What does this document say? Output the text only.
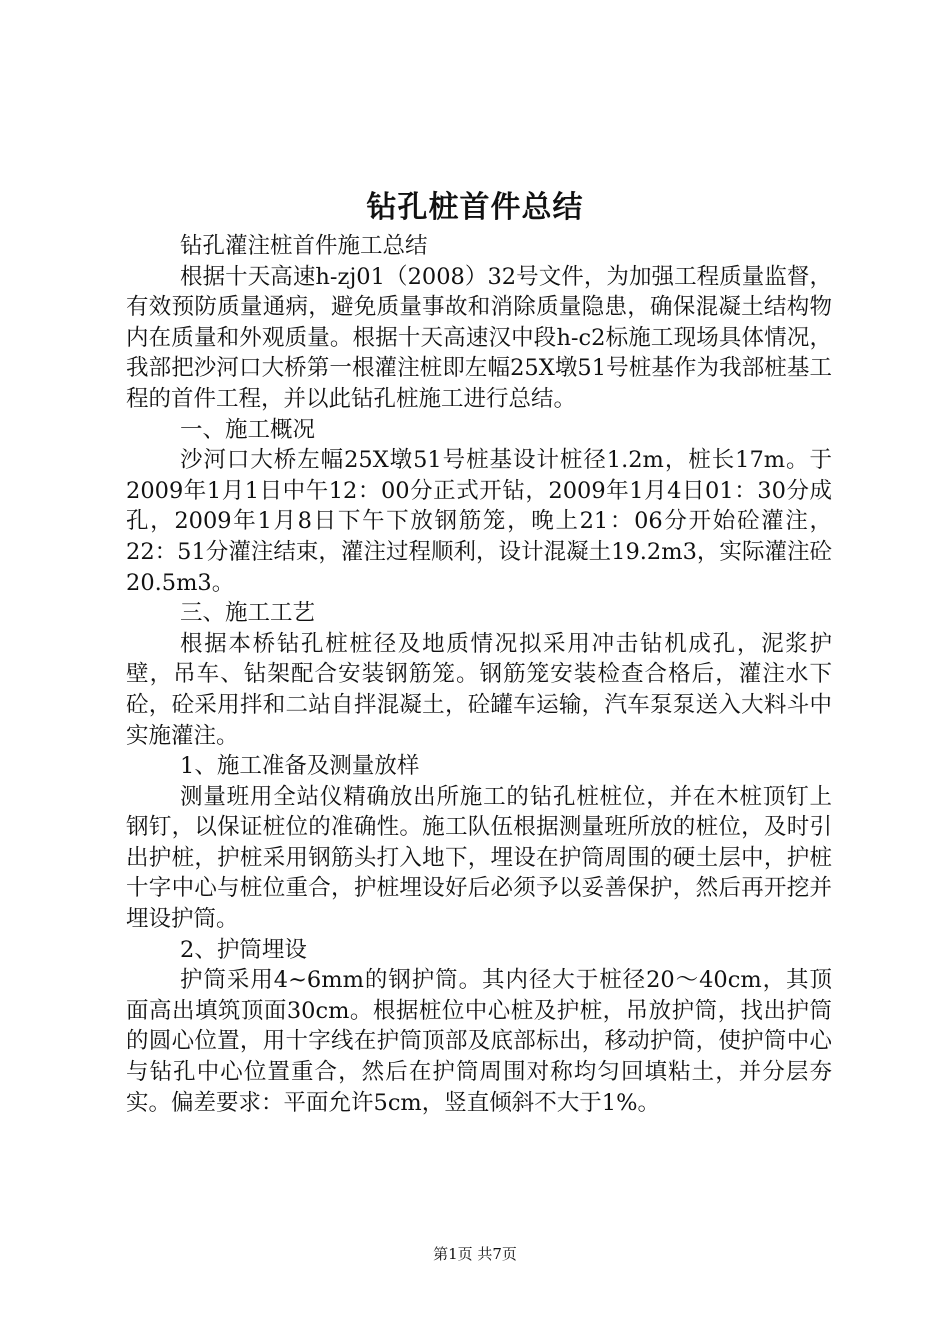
钻孔桩首件总结

钻孔灌注桩首件施工总结

根据十天高速h-zj01（2008）32号文件，为加强工程质量监督，有效预防质量通病，避免质量事故和消除质量隐患，确保混凝土结构物内在质量和外观质量。根据十天高速汉中段h-c2标施工现场具体情况，我部把沙河口大桥第一根灌注桩即左幅25X墩51号桩基作为我部桩基工程的首件工程，并以此钻孔桩施工进行总结。

一、施工概况

沙河口大桥左幅25X墩51号桩基设计桩径1.2m，桩长17m。于2009年1月1日中午12：00分正式开钻，2009年1月4日01：30分成孔，2009年1月8日下午下放钢筋笼，晚上21：06分开始砼灌注，22：51分灌注结束，灌注过程顺利，设计混凝土19.2m3，实际灌注砼20.5m3。

三、施工工艺

根据本桥钻孔桩桩径及地质情况拟采用冲击钻机成孔，泥浆护壁，吊车、钻架配合安装钢筋笼。钢筋笼安装检查合格后，灌注水下砼，砼采用拌和二站自拌混凝土，砼罐车运输，汽车泵泵送入大料斗中实施灌注。

1、施工准备及测量放样

测量班用全站仪精确放出所施工的钻孔桩桩位，并在木桩顶钉上钢钉，以保证桩位的准确性。施工队伍根据测量班所放的桩位，及时引出护桩，护桩采用钢筋头打入地下，埋设在护筒周围的硬土层中，护桩十字中心与桩位重合，护桩埋设好后必须予以妥善保护，然后再开挖并埋设护筒。

2、护筒埋设

护筒采用4~6mm的钢护筒。其内径大于桩径20～40cm，其顶面高出填筑顶面30cm。根据桩位中心桩及护桩，吊放护筒，找出护筒的圆心位置，用十字线在护筒顶部及底部标出，移动护筒，使护筒中心与钻孔中心位置重合，然后在护筒周围对称均匀回填粘土，并分层夯实。偏差要求：平面允许5cm，竖直倾斜不大于1%。

第1页 共7页
